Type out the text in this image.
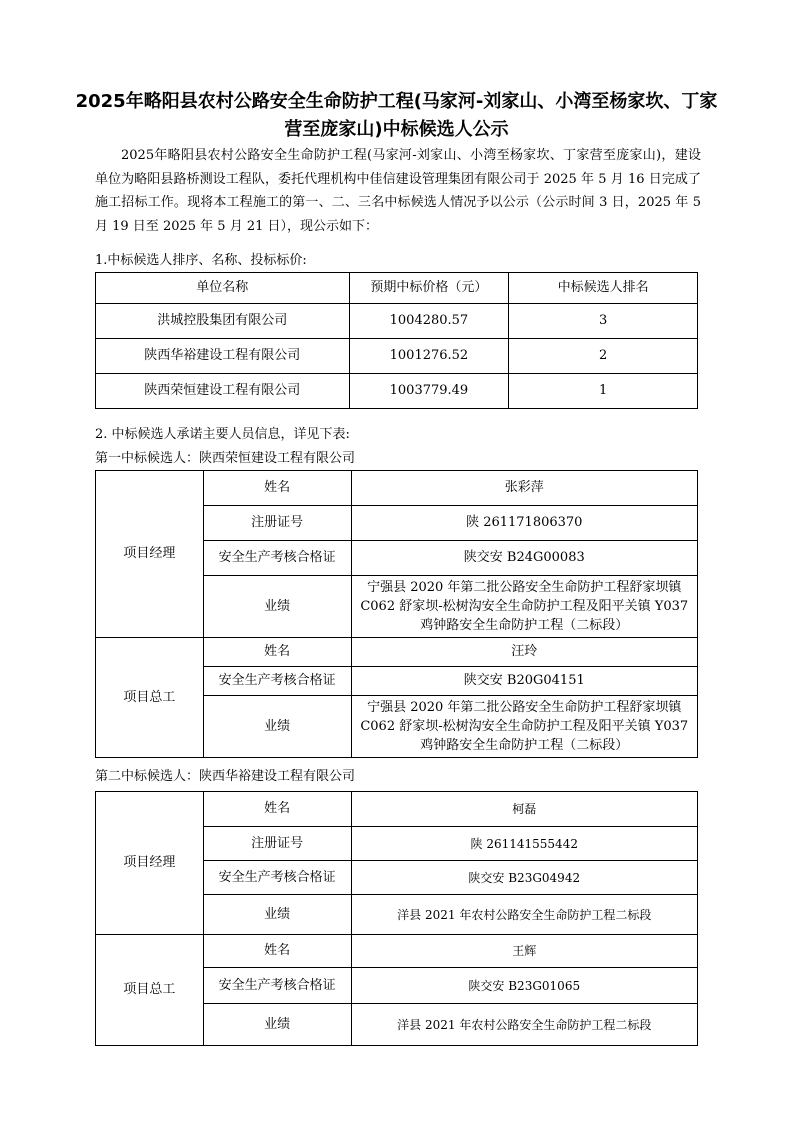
2025年略阳县农村公路安全生命防护工程(马家河-刘家山、小湾至杨家坎、丁家营至庞家山)中标候选人公示
2025年略阳县农村公路安全生命防护工程(马家河-刘家山、小湾至杨家坎、丁家营至庞家山)，建设单位为略阳县路桥测设工程队，委托代理机构中佳信建设管理集团有限公司于 2025 年 5 月 16 日完成了施工招标工作。现将本工程施工的第一、二、三名中标候选人情况予以公示（公示时间 3 日，2025 年 5 月 19 日至 2025 年 5 月 21 日），现公示如下：
1.中标候选人排序、名称、投标标价:
单位名称	预期中标价格（元）	中标候选人排名
洪城控股集团有限公司	1004280.57	3
陕西华裕建设工程有限公司	1001276.52	2
陕西荣恒建设工程有限公司	1003779.49	1
2. 中标候选人承诺主要人员信息，详见下表:
第一中标候选人：陕西荣恒建设工程有限公司
项目经理	姓名	张彩萍
	注册证号	陕 261171806370
	安全生产考核合格证	陕交安 B24G00083
	业绩	宁强县 2020 年第二批公路安全生命防护工程舒家坝镇 C062 舒家坝-松树沟安全生命防护工程及阳平关镇 Y037 鸡钟路安全生命防护工程（二标段）
项目总工	姓名	汪玲
	安全生产考核合格证	陕交安 B20G04151
	业绩	宁强县 2020 年第二批公路安全生命防护工程舒家坝镇 C062 舒家坝-松树沟安全生命防护工程及阳平关镇 Y037 鸡钟路安全生命防护工程（二标段）
第二中标候选人：陕西华裕建设工程有限公司
项目经理	姓名	柯磊
	注册证号	陕 261141555442
	安全生产考核合格证	陕交安 B23G04942
	业绩	洋县 2021 年农村公路安全生命防护工程二标段
项目总工	姓名	王辉
	安全生产考核合格证	陕交安 B23G01065
	业绩	洋县 2021 年农村公路安全生命防护工程二标段
